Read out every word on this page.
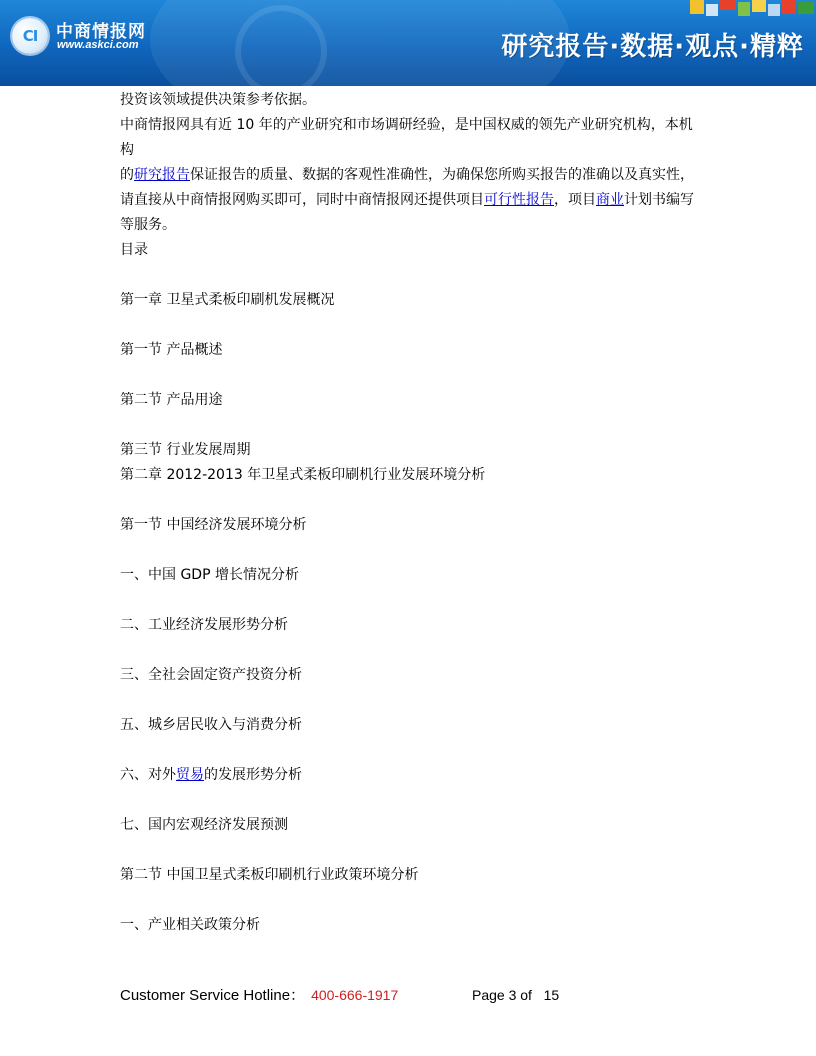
CI	中商情报网
www.askci.com	研究报告·数据·观点·精粹

投资该领域提供决策参考依据。

中商情报网具有近 10 年的产业研究和市场调研经验，是中国权威的领先产业研究机构，本机构

的研究报告保证报告的质量、数据的客观性准确性，为确保您所购买报告的准确以及真实性，

请直接从中商情报网购买即可，同时中商情报网还提供项目可行性报告，项目商业计划书编写

等服务。

目录

第一章 卫星式柔板印刷机发展概况

第一节 产品概述

第二节 产品用途

第三节 行业发展周期

第二章 2012-2013 年卫星式柔板印刷机行业发展环境分析

第一节 中国经济发展环境分析

一、中国 GDP 增长情况分析

二、工业经济发展形势分析

三、全社会固定资产投资分析

五、城乡居民收入与消费分析

六、对外贸易的发展形势分析

七、国内宏观经济发展预测

第二节 中国卫星式柔板印刷机行业政策环境分析

一、产业相关政策分析

Customer Service Hotline： 400-666-1917	Page 3 of 15
